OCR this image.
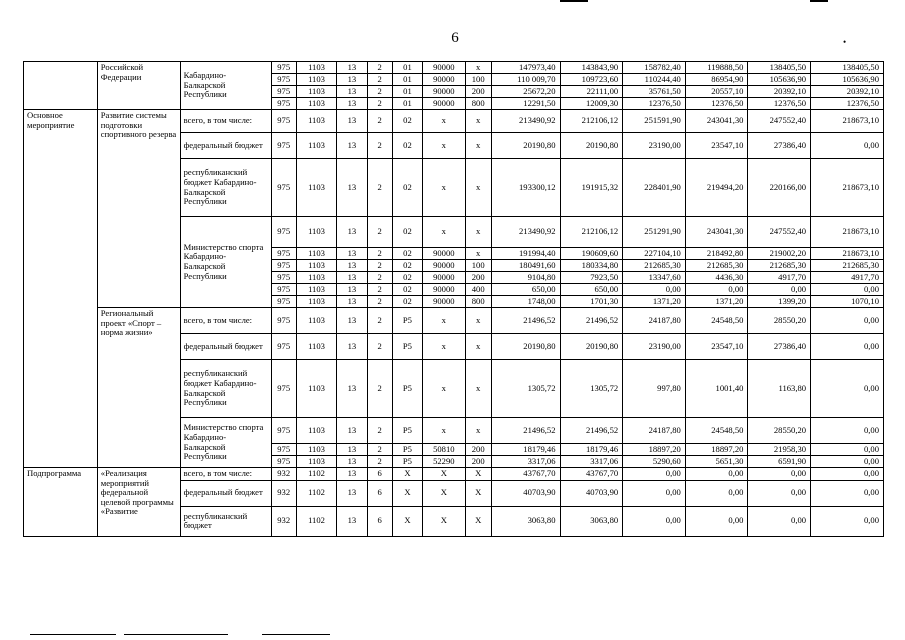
6	•
	Российской Федерации	Кабардино-Балкарской Республики	975	1103	13	2	01	90000	x	147973,40	143843,90	158782,40	119888,50	138405,50	138405,50
			975	1103	13	2	01	90000	100	110 009,70	109723,60	110244,40	86954,90	105636,90	105636,90
			975	1103	13	2	01	90000	200	25672,20	22111,00	35761,50	20557,10	20392,10	20392,10
			975	1103	13	2	01	90000	800	12291,50	12009,30	12376,50	12376,50	12376,50	12376,50
Основное мероприятие	Развитие системы подготовки спортивного резерва	всего, в том числе:	975	1103	13	2	02	x	x	213490,92	212106,12	251591,90	243041,30	247552,40	218673,10
		федеральный бюджет	975	1103	13	2	02	x	x	20190,80	20190,80	23190,00	23547,10	27386,40	0,00
		республиканский бюджет Кабардино-Балкарской Республики	975	1103	13	2	02	x	x	193300,12	191915,32	228401,90	219494,20	220166,00	218673,10
		Министерство спорта Кабардино-Балкарской Республики	975	1103	13	2	02	x	x	213490,92	212106,12	251291,90	243041,30	247552,40	218673,10
			975	1103	13	2	02	90000	x	191994,40	190609,60	227104,10	218492,80	219002,20	218673,10
			975	1103	13	2	02	90000	100	180491,60	180334,80	212685,30	212685,30	212685,30	212685,30
			975	1103	13	2	02	90000	200	9104,80	7923,50	13347,60	4436,30	4917,70	4917,70
			975	1103	13	2	02	90000	400	650,00	650,00	0,00	0,00	0,00	0,00
			975	1103	13	2	02	90000	800	1748,00	1701,30	1371,20	1371,20	1399,20	1070,10
	Региональный проект «Спорт – норма жизни»	всего, в том числе:	975	1103	13	2	P5	x	x	21496,52	21496,52	24187,80	24548,50	28550,20	0,00
		федеральный бюджет	975	1103	13	2	P5	x	x	20190,80	20190,80	23190,00	23547,10	27386,40	0,00
		республиканский бюджет Кабардино-Балкарской Республики	975	1103	13	2	P5	x	x	1305,72	1305,72	997,80	1001,40	1163,80	0,00
		Министерство спорта Кабардино-Балкарской Республики	975	1103	13	2	P5	x	x	21496,52	21496,52	24187,80	24548,50	28550,20	0,00
			975	1103	13	2	P5	50810	200	18179,46	18179,46	18897,20	18897,20	21958,30	0,00
			975	1103	13	2	P5	52290	200	3317,06	3317,06	5290,60	5651,30	6591,90	0,00
Подпрограмма	«Реализация мероприятий федеральной целевой программы «Развитие	всего, в том числе:	932	1102	13	6	X	X	X	43767,70	43767,70	0,00	0,00	0,00	0,00
		федеральный бюджет	932	1102	13	6	X	X	X	40703,90	40703,90	0,00	0,00	0,00	0,00
		республиканский бюджет	932	1102	13	6	X	X	X	3063,80	3063,80	0,00	0,00	0,00	0,00
